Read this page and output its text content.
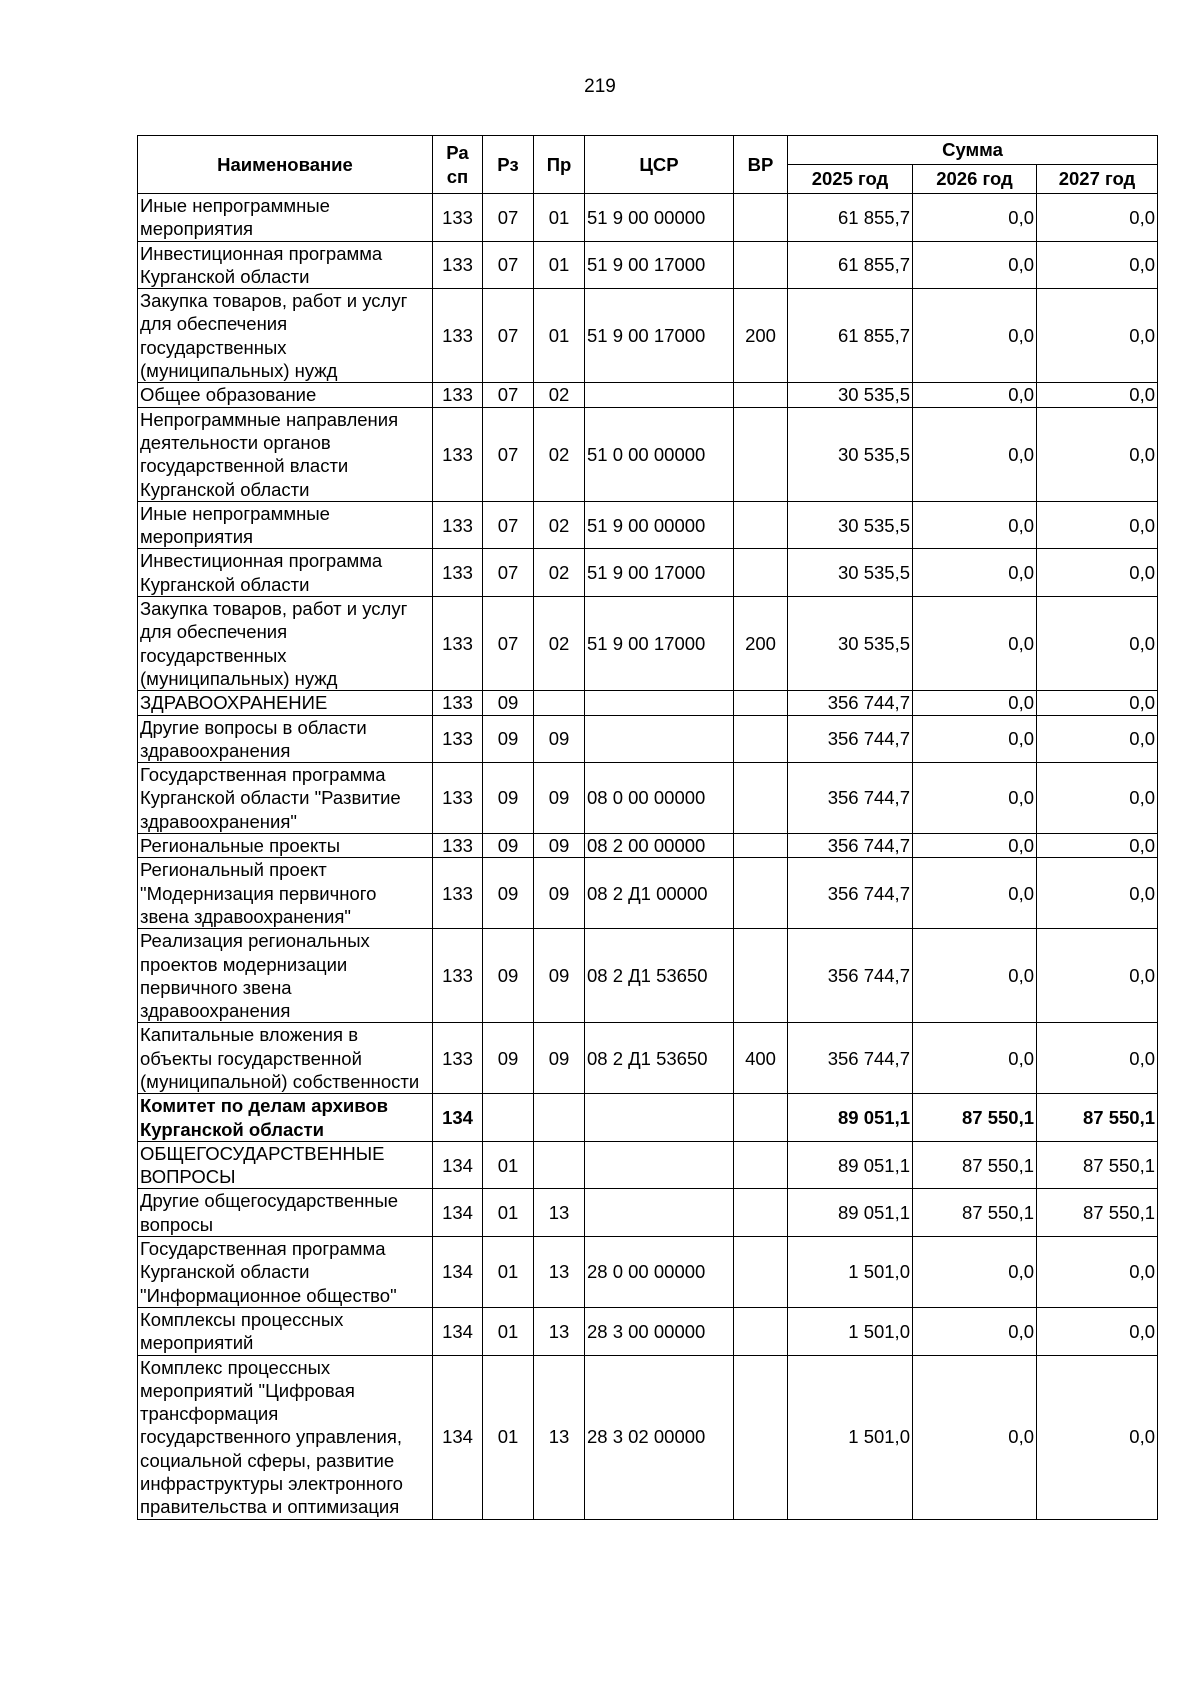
219
Наименование	Ра сп	Рз	Пр	ЦСР	ВР	Сумма		
						2025 год	2026 год	2027 год
Иные непрограммные мероприятия	133	07	01	51 9 00 00000		61 855,7	0,0	0,0
Инвестиционная программа Курганской области	133	07	01	51 9 00 17000		61 855,7	0,0	0,0
Закупка товаров, работ и услуг для обеспечения государственных (муниципальных) нужд	133	07	01	51 9 00 17000	200	61 855,7	0,0	0,0
Общее образование	133	07	02			30 535,5	0,0	0,0
Непрограммные направления деятельности органов государственной власти Курганской области	133	07	02	51 0 00 00000		30 535,5	0,0	0,0
Иные непрограммные мероприятия	133	07	02	51 9 00 00000		30 535,5	0,0	0,0
Инвестиционная программа Курганской области	133	07	02	51 9 00 17000		30 535,5	0,0	0,0
Закупка товаров, работ и услуг для обеспечения государственных (муниципальных) нужд	133	07	02	51 9 00 17000	200	30 535,5	0,0	0,0
ЗДРАВООХРАНЕНИЕ	133	09				356 744,7	0,0	0,0
Другие вопросы в области здравоохранения	133	09	09			356 744,7	0,0	0,0
Государственная программа Курганской области "Развитие здравоохранения"	133	09	09	08 0 00 00000		356 744,7	0,0	0,0
Региональные проекты	133	09	09	08 2 00 00000		356 744,7	0,0	0,0
Региональный проект "Модернизация первичного звена здравоохранения"	133	09	09	08 2 Д1 00000		356 744,7	0,0	0,0
Реализация региональных проектов модернизации первичного звена здравоохранения	133	09	09	08 2 Д1 53650		356 744,7	0,0	0,0
Капитальные вложения в объекты государственной (муниципальной) собственности	133	09	09	08 2 Д1 53650	400	356 744,7	0,0	0,0
Комитет по делам архивов Курганской области	134					89 051,1	87 550,1	87 550,1
ОБЩЕГОСУДАРСТВЕННЫЕ ВОПРОСЫ	134	01				89 051,1	87 550,1	87 550,1
Другие общегосударственные вопросы	134	01	13			89 051,1	87 550,1	87 550,1
Государственная программа Курганской области "Информационное общество"	134	01	13	28 0 00 00000		1 501,0	0,0	0,0
Комплексы процессных мероприятий	134	01	13	28 3 00 00000		1 501,0	0,0	0,0
Комплекс процессных мероприятий "Цифровая трансформация государственного управления, социальной сферы, развитие инфраструктуры электронного правительства и оптимизация	134	01	13	28 3 02 00000		1 501,0	0,0	0,0
